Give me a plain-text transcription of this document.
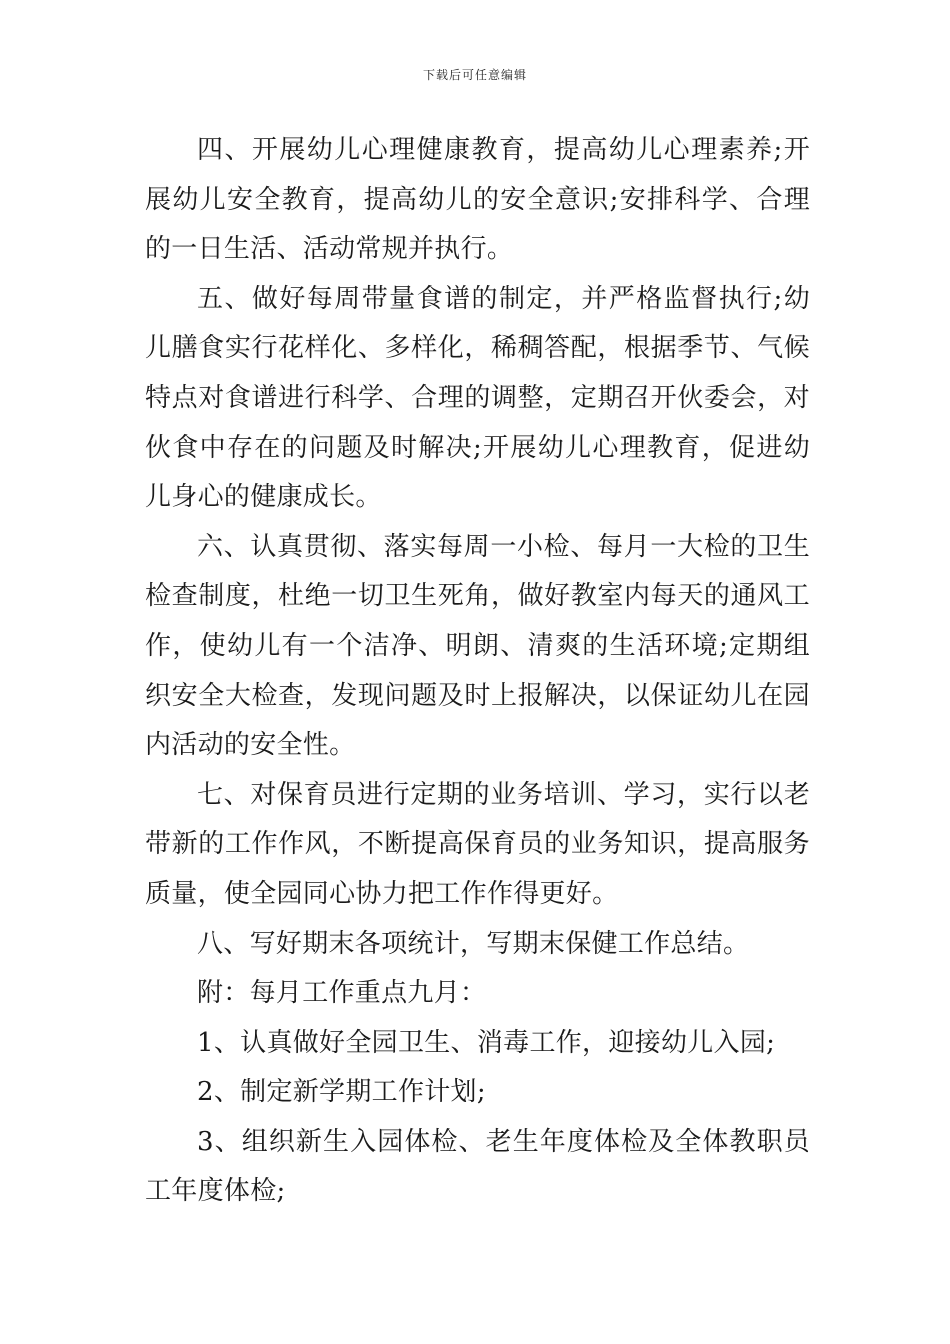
下载后可任意编辑

四、开展幼儿心理健康教育，提高幼儿心理素养;开展幼儿安全教育，提高幼儿的安全意识;安排科学、合理的一日生活、活动常规并执行。

五、做好每周带量食谱的制定，并严格监督执行;幼儿膳食实行花样化、多样化，稀稠答配，根据季节、气候特点对食谱进行科学、合理的调整，定期召开伙委会，对伙食中存在的问题及时解决;开展幼儿心理教育，促进幼儿身心的健康成长。

六、认真贯彻、落实每周一小检、每月一大检的卫生检查制度，杜绝一切卫生死角，做好教室内每天的通风工作，使幼儿有一个洁净、明朗、清爽的生活环境;定期组织安全大检查，发现问题及时上报解决，以保证幼儿在园内活动的安全性。

七、对保育员进行定期的业务培训、学习，实行以老带新的工作作风，不断提高保育员的业务知识，提高服务质量，使全园同心协力把工作作得更好。

八、写好期末各项统计，写期末保健工作总结。

附：每月工作重点九月：

1、认真做好全园卫生、消毒工作，迎接幼儿入园;

2、制定新学期工作计划;

3、组织新生入园体检、老生年度体检及全体教职员工年度体检;
